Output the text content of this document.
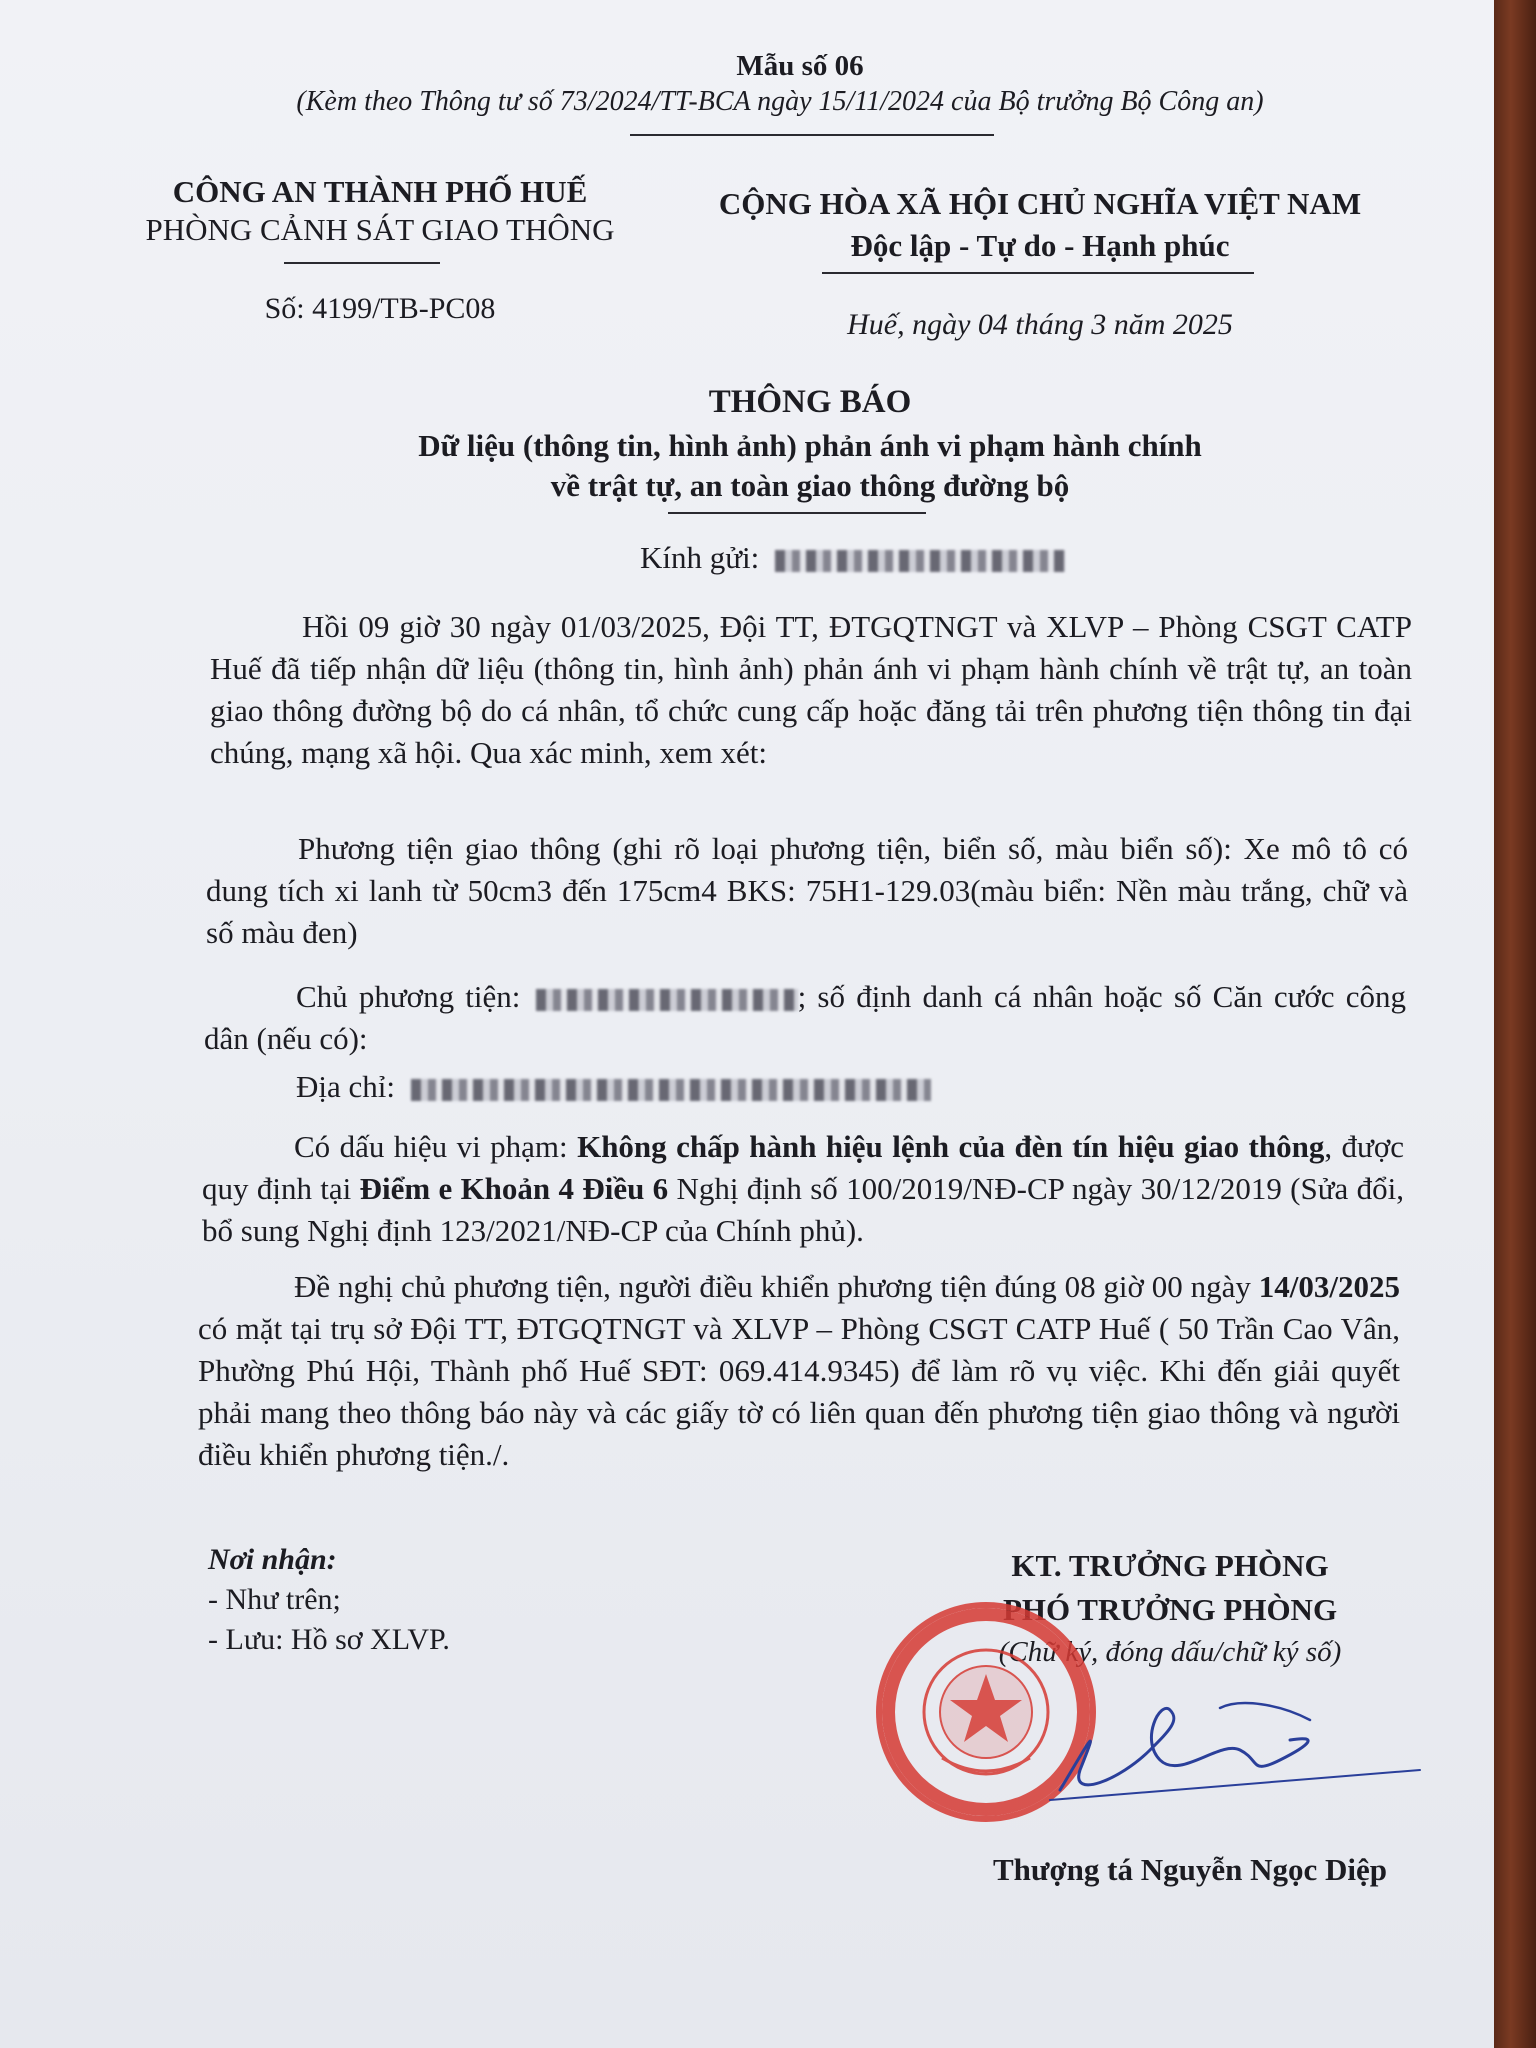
Mẫu số 06
(Kèm theo Thông tư số 73/2024/TT-BCA ngày 15/11/2024 của Bộ trưởng Bộ Công an)
CÔNG AN THÀNH PHỐ HUẾ
PHÒNG CẢNH SÁT GIAO THÔNG
Số: 4199/TB-PC08
CỘNG HÒA XÃ HỘI CHỦ NGHĨA VIỆT NAM
Độc lập - Tự do - Hạnh phúc
Huế, ngày 04 tháng 3 năm 2025
THÔNG BÁO
Dữ liệu (thông tin, hình ảnh) phản ánh vi phạm hành chính
về trật tự, an toàn giao thông đường bộ
Kính gửi:
Hồi 09 giờ 30 ngày 01/03/2025, Đội TT, ĐTGQTNGT và XLVP – Phòng CSGT CATP Huế đã tiếp nhận dữ liệu (thông tin, hình ảnh) phản ánh vi phạm hành chính về trật tự, an toàn giao thông đường bộ do cá nhân, tổ chức cung cấp hoặc đăng tải trên phương tiện thông tin đại chúng, mạng xã hội. Qua xác minh, xem xét:
Phương tiện giao thông (ghi rõ loại phương tiện, biển số, màu biển số): Xe mô tô có dung tích xi lanh từ 50cm3 đến 175cm4 BKS: 75H1-129.03(màu biển: Nền màu trắng, chữ và số màu đen)
Chủ phương tiện:	; số định danh cá nhân hoặc số Căn cước công dân (nếu có):
Địa chỉ:
Có dấu hiệu vi phạm: Không chấp hành hiệu lệnh của đèn tín hiệu giao thông, được quy định tại Điểm e Khoản 4 Điều 6 Nghị định số 100/2019/NĐ-CP ngày 30/12/2019 (Sửa đổi, bổ sung Nghị định 123/2021/NĐ-CP của Chính phủ).
Đề nghị chủ phương tiện, người điều khiển phương tiện đúng 08 giờ 00 ngày 14/03/2025 có mặt tại trụ sở Đội TT, ĐTGQTNGT và XLVP – Phòng CSGT CATP Huế ( 50 Trần Cao Vân, Phường Phú Hội, Thành phố Huế SĐT: 069.414.9345) để làm rõ vụ việc. Khi đến giải quyết phải mang theo thông báo này và các giấy tờ có liên quan đến phương tiện giao thông và người điều khiển phương tiện./.
Nơi nhận:
- Như trên;
- Lưu: Hồ sơ XLVP.
KT. TRƯỞNG PHÒNG
PHÓ TRƯỞNG PHÒNG
(Chữ ký, đóng dấu/chữ ký số)
Thượng tá Nguyễn Ngọc Diệp
